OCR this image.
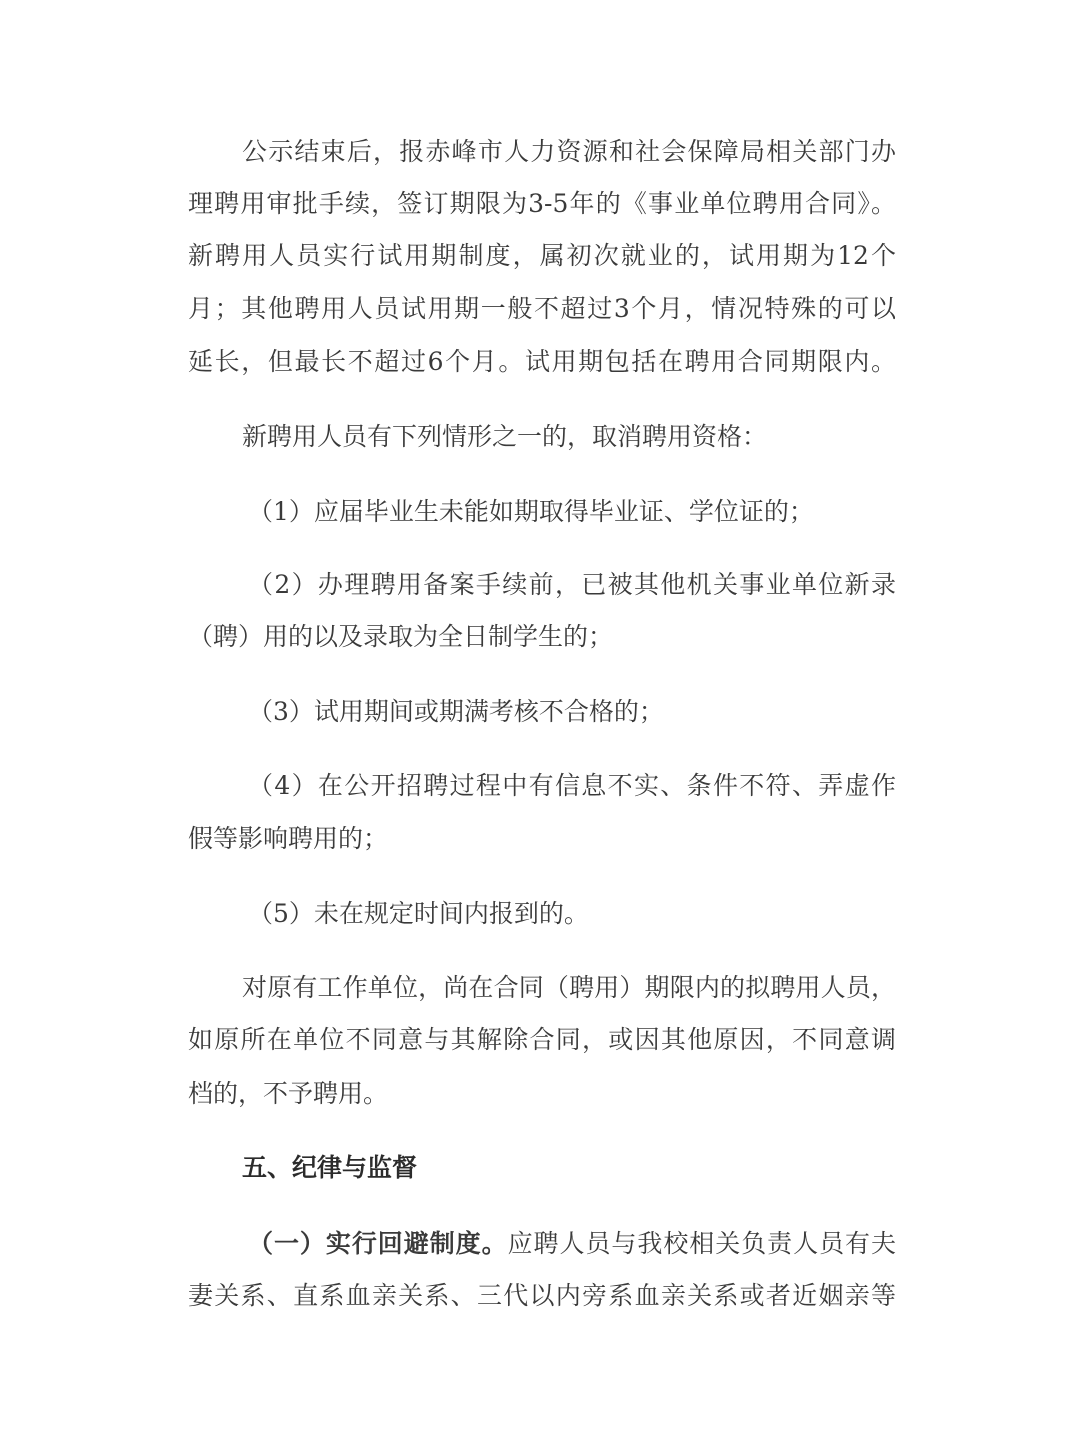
公示结束后，报赤峰市人力资源和社会保障局相关部门办
理聘用审批手续，签订期限为3-5年的《事业单位聘用合同》。
新聘用人员实行试用期制度，属初次就业的，试用期为12个
月；其他聘用人员试用期一般不超过3个月，情况特殊的可以
延长，但最长不超过6个月。试用期包括在聘用合同期限内。
新聘用人员有下列情形之一的，取消聘用资格：
（1）应届毕业生未能如期取得毕业证、学位证的；
（2）办理聘用备案手续前，已被其他机关事业单位新录
（聘）用的以及录取为全日制学生的；
（3）试用期间或期满考核不合格的；
（4）在公开招聘过程中有信息不实、条件不符、弄虚作
假等影响聘用的；
（5）未在规定时间内报到的。
对原有工作单位，尚在合同（聘用）期限内的拟聘用人员，
如原所在单位不同意与其解除合同，或因其他原因，不同意调
档的，不予聘用。
五、纪律与监督
（一）实行回避制度。应聘人员与我校相关负责人员有夫
妻关系、直系血亲关系、三代以内旁系血亲关系或者近姻亲等
